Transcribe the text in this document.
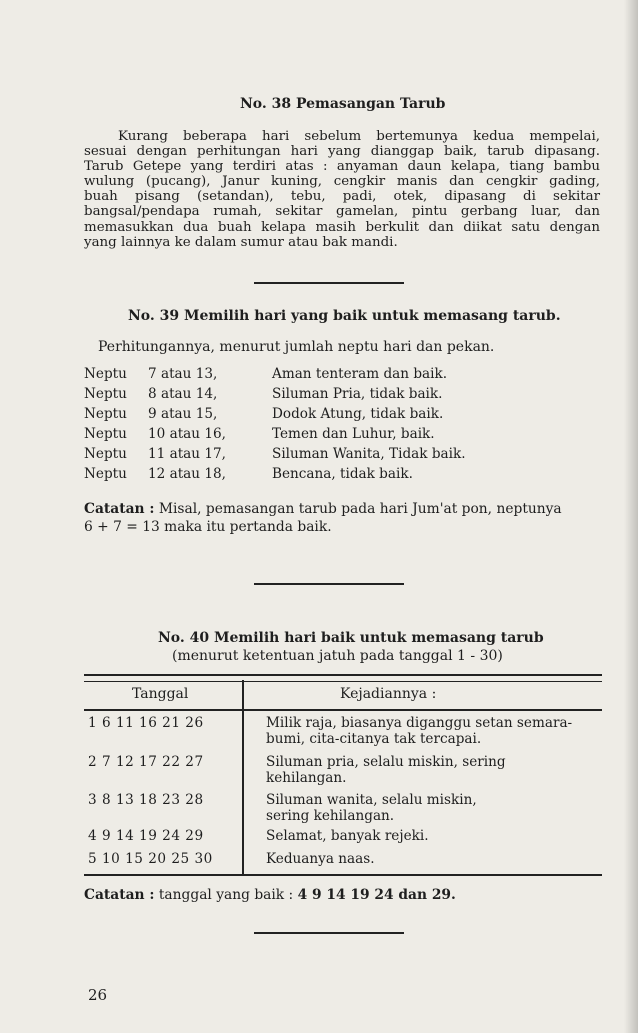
No. 38 Pemasangan Tarub
Kurang beberapa hari sebelum bertemunya kedua mempelai,
sesuai dengan perhitungan hari yang dianggap baik, tarub dipasang.
Tarub Getepe yang terdiri atas : anyaman daun kelapa, tiang bambu
wulung (pucang), Janur kuning, cengkir manis dan cengkir gading,
buah pisang (setandan), tebu, padi, otek, dipasang di sekitar
bangsal/pendapa rumah, sekitar gamelan, pintu gerbang luar, dan
memasukkan dua buah kelapa masih berkulit dan diikat satu dengan
yang lainnya ke dalam sumur atau bak mandi.
No. 39 Memilih hari yang baik untuk memasang tarub.
Perhitungannya, menurut jumlah neptu hari dan pekan.
Neptu 7 atau 13,	Aman tenteram dan baik.
Neptu 8 atau 14,	Siluman Pria, tidak baik.
Neptu 9 atau 15,	Dodok Atung, tidak baik.
Neptu 10 atau 16,	Temen dan Luhur, baik.
Neptu 11 atau 17,	Siluman Wanita, Tidak baik.
Neptu 12 atau 18,	Bencana, tidak baik.
Catatan : Misal, pemasangan tarub pada hari Jum'at pon, neptunya
6 + 7 = 13 maka itu pertanda baik.
No. 40 Memilih hari baik untuk memasang tarub
(menurut ketentuan jatuh pada tanggal 1 - 30)
Tanggal	Kejadiannya :
1 6 11 16 21 26	Milik raja, biasanya diganggu setan semara-
bumi, cita-citanya tak tercapai.
2 7 12 17 22 27	Siluman pria, selalu miskin, sering
kehilangan.
3 8 13 18 23 28	Siluman wanita, selalu miskin,
sering kehilangan.
4 9 14 19 24 29	Selamat, banyak rejeki.
5 10 15 20 25 30	Keduanya naas.
Catatan : tanggal yang baik : 4 9 14 19 24 dan 29.
26
